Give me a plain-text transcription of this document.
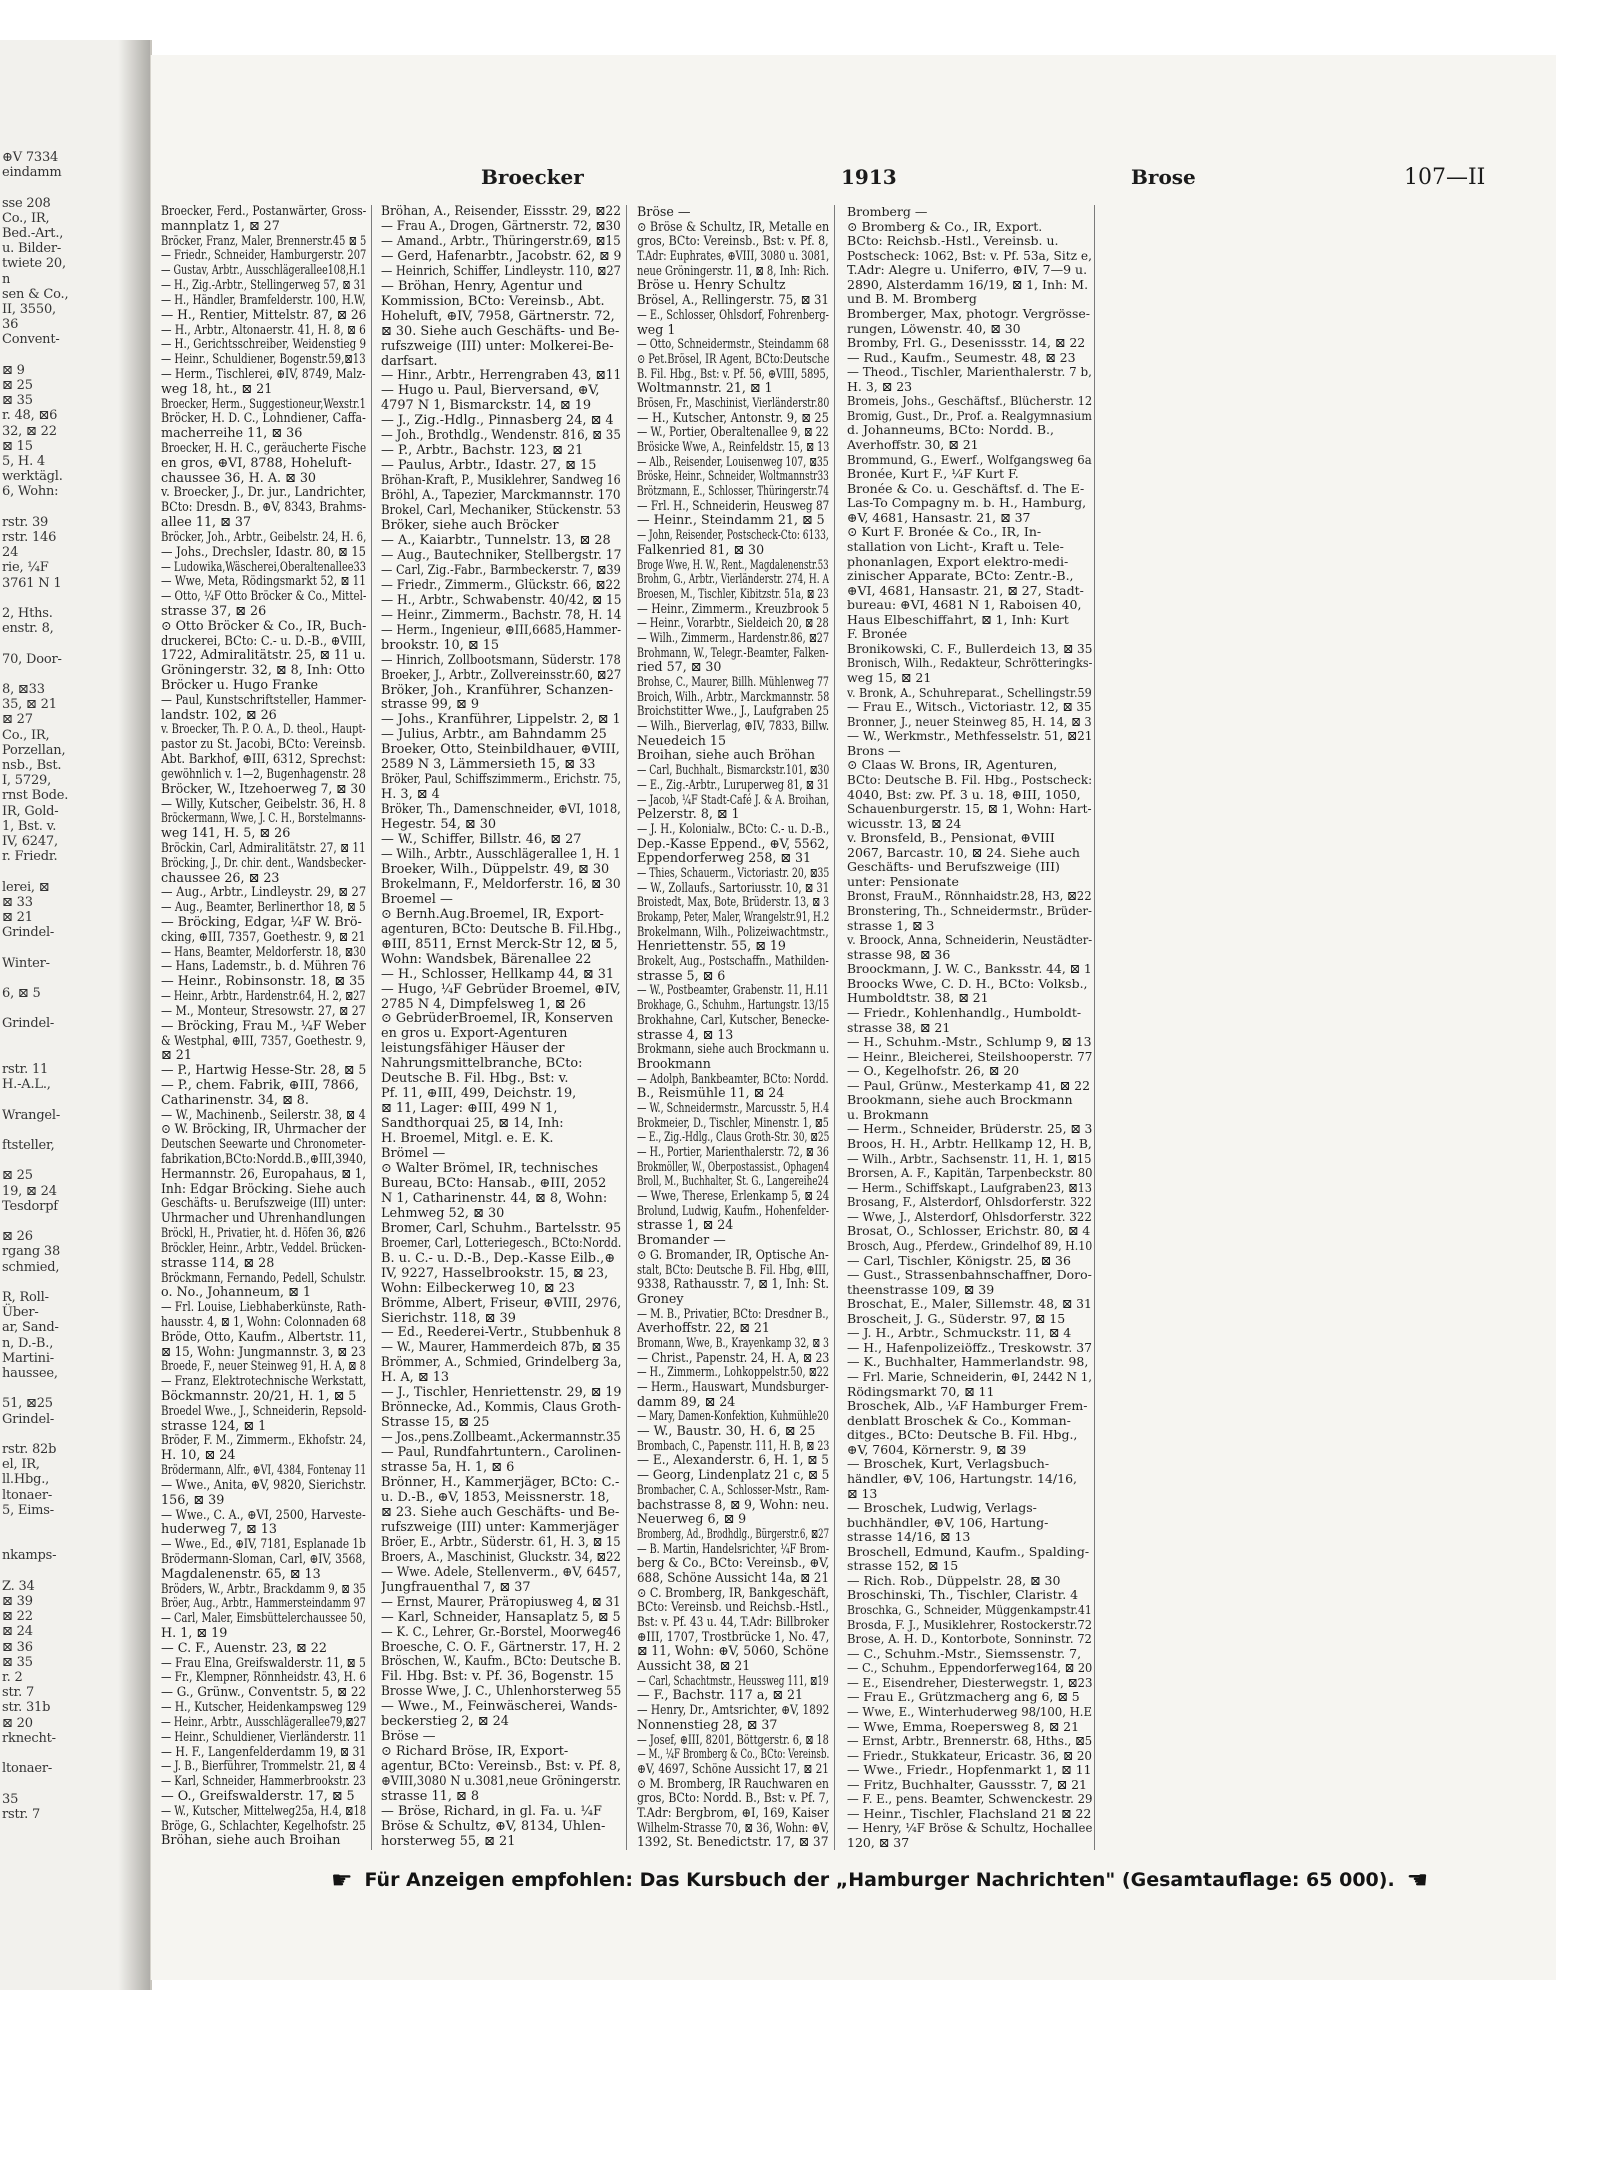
⊕V 7334
eindamm
sse 208
Co., IR,
Bed.-Art.,
u. Bilder-
twiete 20,
n
sen & Co.,
II, 3550,
36
Convent-
⊠ 9
⊠ 25
⊠ 35
r. 48, ⊠6
32, ⊠ 22
⊠ 15
5, H. 4
werktägl.
6, Wohn:
rstr. 39
rstr. 146
24
rie, ¼F
3761 N 1
2, Hths.
enstr. 8,
70, Door-
8, ⊠33
35, ⊠ 21
⊠ 27
Co., IR,
Porzellan,
nsb., Bst.
I, 5729,
rnst Bode.
IR, Gold-
1, Bst. v.
IV, 6247,
r. Friedr.
lerei, ⊠
⊠ 33
⊠ 21
Grindel-
Winter-
6, ⊠ 5
Grindel-
rstr. 11
H.-A.L.,
Wrangel-
ftsteller,
⊠ 25
19, ⊠ 24
Tesdorpf
⊠ 26
rgang 38
schmied,
R, Roll-
Über-
ar, Sand-
n, D.-B.,
Martini-
haussee,
51, ⊠25
Grindel-
rstr. 82b
el, IR,
ll.Hbg.,
ltonaer-
5, Eims-
nkamps-
Z. 34
⊠ 39
⊠ 22
⊠ 24
⊠ 36
⊠ 35
r. 2
str. 7
str. 31b
⊠ 20
rknecht-
ltonaer-
35
rstr. 7
Broecker	1913	Brose	107—II
Broecker, Ferd., Postanwärter, Gross-
mannplatz 1, ⊠ 27
Bröcker, Franz, Maler, Brennerstr.45 ⊠ 5
— Friedr., Schneider, Hamburgerstr. 207
— Gustav, Arbtr., Ausschlägerallee108,H.1
— H., Zig.-Arbtr., Stellingerweg 57, ⊠ 31
— H., Händler, Bramfelderstr. 100, H.W,
— H., Rentier, Mittelstr. 87, ⊠ 26
— H., Arbtr., Altonaerstr. 41, H. 8, ⊠ 6
— H., Gerichtsschreiber, Weidenstieg 9
— Heinr., Schuldiener, Bogenstr.59,⊠13
— Herm., Tischlerei, ⊕IV, 8749, Malz-
weg 18, ht., ⊠ 21
Broecker, Herm., Suggestioneur,Wexstr.1
Bröcker, H. D. C., Lohndiener, Caffa-
macherreihe 11, ⊠ 36
Broecker, H. H. C., geräucherte Fische
en gros, ⊕VI, 8788, Hoheluft-
chaussee 36, H. A. ⊠ 30
v. Broecker, J., Dr. jur., Landrichter,
BCto: Dresdn. B., ⊕V, 8343, Brahms-
allee 11, ⊠ 37
Bröcker, Joh., Arbtr., Geibelstr. 24, H. 6,
— Johs., Drechsler, Idastr. 80, ⊠ 15
— Ludowika,Wäscherei,Oberaltenallee33
— Wwe, Meta, Rödingsmarkt 52, ⊠ 11
— Otto, ¼F Otto Bröcker & Co., Mittel-
strasse 37, ⊠ 26
⊙ Otto Bröcker & Co., IR, Buch-
druckerei, BCto: C.- u. D.-B., ⊕VIII,
1722, Admiralitätstr. 25, ⊠ 11 u.
Gröningerstr. 32, ⊠ 8, Inh: Otto
Bröcker u. Hugo Franke
— Paul, Kunstschriftsteller, Hammer-
landstr. 102, ⊠ 26
v. Broecker, Th. P. O. A., D. theol., Haupt-
pastor zu St. Jacobi, BCto: Vereinsb.
Abt. Barkhof, ⊕III, 6312, Sprechst:
gewöhnlich v. 1—2, Bugenhagenstr. 28
Bröcker, W., Itzehoerweg 7, ⊠ 30
— Willy, Kutscher, Geibelstr. 36, H. 8
Bröckermann, Wwe, J. C. H., Borstelmanns-
weg 141, H. 5, ⊠ 26
Bröckin, Carl, Admiralitätstr. 27, ⊠ 11
Bröcking, J., Dr. chir. dent., Wandsbecker-
chaussee 26, ⊠ 23
— Aug., Arbtr., Lindleystr. 29, ⊠ 27
— Aug., Beamter, Berlinerthor 18, ⊠ 5
— Bröcking, Edgar, ¼F W. Brö-
cking, ⊕III, 7357, Goethestr. 9, ⊠ 21
— Hans, Beamter, Meldorferstr. 18, ⊠30
— Hans, Lademstr., b. d. Mühren 76
— Heinr., Robinsonstr. 18, ⊠ 35
— Heinr., Arbtr., Hardenstr.64, H. 2, ⊠27
— M., Monteur, Stresowstr. 27, ⊠ 27
— Bröcking, Frau M., ¼F Weber
& Westphal, ⊕III, 7357, Goethestr. 9,
⊠ 21
— P., Hartwig Hesse-Str. 28, ⊠ 5
— P., chem. Fabrik, ⊕III, 7866,
Catharinenstr. 34, ⊠ 8.
— W., Machinenb., Seilerstr. 38, ⊠ 4
⊙ W. Bröcking, IR, Uhrmacher der
Deutschen Seewarte und Chronometer-
fabrikation,BCto:Nordd.B.,⊕III,3940,
Hermannstr. 26, Europahaus, ⊠ 1,
Inh: Edgar Bröcking. Siehe auch
Geschäfts- u. Berufszweige (III) unter:
Uhrmacher und Uhrenhandlungen
Bröckl, H., Privatier, ht. d. Höfen 36, ⊠26
Bröckler, Heinr., Arbtr., Veddel. Brücken-
strasse 114, ⊠ 28
Bröckmann, Fernando, Pedell, Schulstr.
o. No., Johanneum, ⊠ 1
— Frl. Louise, Liebhaberkünste, Rath-
hausstr. 4, ⊠ 1, Wohn: Colonnaden 68
Bröde, Otto, Kaufm., Albertstr. 11,
⊠ 15, Wohn: Jungmannstr. 3, ⊠ 23
Broede, F., neuer Steinweg 91, H. A, ⊠ 8
— Franz, Elektrotechnische Werkstatt,
Böckmannstr. 20/21, H. 1, ⊠ 5
Broedel Wwe., J., Schneiderin, Repsold-
strasse 124, ⊠ 1
Bröder, F. M., Zimmerm., Ekhofstr. 24,
H. 10, ⊠ 24
Brödermann, Alfr., ⊕VI, 4384, Fontenay 11
— Wwe., Anita, ⊕V, 9820, Sierichstr.
156, ⊠ 39
— Wwe., C. A., ⊕VI, 2500, Harveste-
huderweg 7, ⊠ 13
— Wwe., Ed., ⊕IV, 7181, Esplanade 1b
Brödermann-Sloman, Carl, ⊕IV, 3568,
Magdalenenstr. 65, ⊠ 13
Bröders, W., Arbtr., Brackdamm 9, ⊠ 35
Bröer, Aug., Arbtr., Hammersteindamm 97
— Carl, Maler, Eimsbüttelerchaussee 50,
H. 1, ⊠ 19
— C. F., Auenstr. 23, ⊠ 22
— Frau Elna, Greifswalderstr. 11, ⊠ 5
— Fr., Klempner, Rönnheidstr. 43, H. 6
— G., Grünw., Conventstr. 5, ⊠ 22
— H., Kutscher, Heidenkampsweg 129
— Heinr., Arbtr., Ausschlägerallee79,⊠27
— Heinr., Schuldiener, Vierländerstr. 11
— H. F., Langenfelderdamm 19, ⊠ 31
— J. B., Bierführer, Trommelstr. 21, ⊠ 4
— Karl, Schneider, Hammerbrookstr. 23
— O., Greifswalderstr. 17, ⊠ 5
— W., Kutscher, Mittelweg25a, H.4, ⊠18
Bröge, G., Schlachter, Kegelhofstr. 25
Bröhan, siehe auch Broihan
Bröhan, A., Reisender, Eissstr. 29, ⊠22
— Frau A., Drogen, Gärtnerstr. 72, ⊠30
— Amand., Arbtr., Thüringerstr.69, ⊠15
— Gerd, Hafenarbtr., Jacobstr. 62, ⊠ 9
— Heinrich, Schiffer, Lindleystr. 110, ⊠27
— Bröhan, Henry, Agentur und
Kommission, BCto: Vereinsb., Abt.
Hoheluft, ⊕IV, 7958, Gärtnerstr. 72,
⊠ 30. Siehe auch Geschäfts- und Be-
rufszweige (III) unter: Molkerei-Be-
darfsart.
— Hinr., Arbtr., Herrengraben 43, ⊠11
— Hugo u. Paul, Bierversand, ⊕V,
4797 N 1, Bismarckstr. 14, ⊠ 19
— J., Zig.-Hdlg., Pinnasberg 24, ⊠ 4
— Joh., Brothdlg., Wendenstr. 816, ⊠ 35
— P., Arbtr., Bachstr. 123, ⊠ 21
— Paulus, Arbtr., Idastr. 27, ⊠ 15
Bröhan-Kraft, P., Musiklehrer, Sandweg 16
Bröhl, A., Tapezier, Marckmannstr. 170
Brokel, Carl, Mechaniker, Stückenstr. 53
Bröker, siehe auch Bröcker
— A., Kaiarbtr., Tunnelstr. 13, ⊠ 28
— Aug., Bautechniker, Stellbergstr. 17
— Carl, Zig.-Fabr., Barmbeckerstr. 7, ⊠39
— Friedr., Zimmerm., Glückstr. 66, ⊠22
— H., Arbtr., Schwabenstr. 40/42, ⊠ 15
— Heinr., Zimmerm., Bachstr. 78, H. 14
— Herm., Ingenieur, ⊕III,6685,Hammer-
brookstr. 10, ⊠ 15
— Hinrich, Zollbootsmann, Süderstr. 178
Broeker, J., Arbtr., Zollvereinsstr.60, ⊠27
Bröker, Joh., Kranführer, Schanzen-
strasse 99, ⊠ 9
— Johs., Kranführer, Lippelstr. 2, ⊠ 1
— Julius, Arbtr., am Bahndamm 25
Broeker, Otto, Steinbildhauer, ⊕VIII,
2589 N 3, Lämmersieth 15, ⊠ 33
Bröker, Paul, Schiffszimmerm., Erichstr. 75,
H. 3, ⊠ 4
Bröker, Th., Damenschneider, ⊕VI, 1018,
Hegestr. 54, ⊠ 30
— W., Schiffer, Billstr. 46, ⊠ 27
— Wilh., Arbtr., Ausschlägerallee 1, H. 1
Broeker, Wilh., Düppelstr. 49, ⊠ 30
Brokelmann, F., Meldorferstr. 16, ⊠ 30
Broemel —
⊙ Bernh.Aug.Broemel, IR, Export-
agenturen, BCto: Deutsche B. Fil.Hbg.,
⊕III, 8511, Ernst Merck-Str 12, ⊠ 5,
Wohn: Wandsbek, Bärenallee 22
— H., Schlosser, Hellkamp 44, ⊠ 31
— Hugo, ¼F Gebrüder Broemel, ⊕IV,
2785 N 4, Dimpfelsweg 1, ⊠ 26
⊙ GebrüderBroemel, IR, Konserven
en gros u. Export-Agenturen
leistungsfähiger Häuser der
Nahrungsmittelbranche, BCto:
Deutsche B. Fil. Hbg., Bst: v.
Pf. 11, ⊕III, 499, Deichstr. 19,
⊠ 11, Lager: ⊕III, 499 N 1,
Sandthorquai 25, ⊠ 14, Inh:
H. Broemel, Mitgl. e. E. K.
Brömel —
⊙ Walter Brömel, IR, technisches
Bureau, BCto: Hansab., ⊕III, 2052
N 1, Catharinenstr. 44, ⊠ 8, Wohn:
Lehmweg 52, ⊠ 30
Bromer, Carl, Schuhm., Bartelsstr. 95
Broemer, Carl, Lotteriegesch., BCto:Nordd.
B. u. C.- u. D.-B., Dep.-Kasse Eilb.,⊕
IV, 9227, Hasselbrookstr. 15, ⊠ 23,
Wohn: Eilbeckerweg 10, ⊠ 23
Brömme, Albert, Friseur, ⊕VIII, 2976,
Sierichstr. 118, ⊠ 39
— Ed., Reederei-Vertr., Stubbenhuk 8
— W., Maurer, Hammerdeich 87b, ⊠ 35
Brömmer, A., Schmied, Grindelberg 3a,
H. A, ⊠ 13
— J., Tischler, Henriettenstr. 29, ⊠ 19
Brönnecke, Ad., Kommis, Claus Groth-
Strasse 15, ⊠ 25
— Jos.,pens.Zollbeamt.,Ackermannstr.35
— Paul, Rundfahrtuntern., Carolinen-
strasse 5a, H. 1, ⊠ 6
Brönner, H., Kammerjäger, BCto: C.-
u. D.-B., ⊕V, 1853, Meissnerstr. 18,
⊠ 23. Siehe auch Geschäfts- und Be-
rufszweige (III) unter: Kammerjäger
Bröer, E., Arbtr., Süderstr. 61, H. 3, ⊠ 15
Broers, A., Maschinist, Gluckstr. 34, ⊠22
— Wwe. Adele, Stellenverm., ⊕V, 6457,
Jungfrauenthal 7, ⊠ 37
— Ernst, Maurer, Präторiusweg 4, ⊠ 31
— Karl, Schneider, Hansaplatz 5, ⊠ 5
— K. C., Lehrer, Gr.-Borstel, Moorweg46
Broesche, C. O. F., Gärtnerstr. 17, H. 2
Bröschen, W., Kaufm., BCto: Deutsche B.
Fil. Hbg. Bst: v. Pf. 36, Bogenstr. 15
Brosse Wwe, J. C., Uhlenhorsterweg 55
— Wwe., M., Feinwäscherei, Wands-
beckerstieg 2, ⊠ 24
Bröse —
⊙ Richard Bröse, IR, Export-
agentur, BCto: Vereinsb., Bst: v. Pf. 8,
⊕VIII,3080 N u.3081,neue Gröningerstr.
strasse 11, ⊠ 8
— Bröse, Richard, in gl. Fa. u. ¼F
Bröse & Schultz, ⊕V, 8134, Uhlen-
horsterweg 55, ⊠ 21
Bröse —
⊙ Bröse & Schultz, IR, Metalle en
gros, BCto: Vereinsb., Bst: v. Pf. 8,
T.Adr: Euphrates, ⊕VIII, 3080 u. 3081,
neue Gröningerstr. 11, ⊠ 8, Inh: Rich.
Bröse u. Henry Schultz
Brösel, A., Rellingerstr. 75, ⊠ 31
— E., Schlosser, Ohlsdorf, Fohrenberg-
weg 1
— Otto, Schneidermstr., Steindamm 68
⊙ Pet.Brösel, IR Agent, BCto:Deutsche
B. Fil. Hbg., Bst: v. Pf. 56, ⊕VIII, 5895,
Woltmannstr. 21, ⊠ 1
Brösen, Fr., Maschinist, Vierländerstr.80
— H., Kutscher, Antonstr. 9, ⊠ 25
— W., Portier, Oberaltenallee 9, ⊠ 22
Brösicke Wwe, A., Reinfeldstr. 15, ⊠ 13
— Alb., Reisender, Louisenweg 107, ⊠35
Bröske, Heinr., Schneider, Woltmannstr33
Brötzmann, E., Schlosser, Thüringerstr.74
— Frl. H., Schneiderin, Heusweg 87
— Heinr., Steindamm 21, ⊠ 5
— John, Reisender, Postscheck-Cto: 6133,
Falkenried 81, ⊠ 30
Broge Wwe, H. W., Rent., Magdalenenstr.53
Brohm, G., Arbtr., Vierländerstr. 274, H. A
Broesen, M., Tischler, Kibitzstr. 51a, ⊠ 23
— Heinr., Zimmerm., Kreuzbrook 5
— Heinr., Vorarbtr., Sieldeich 20, ⊠ 28
— Wilh., Zimmerm., Hardenstr.86, ⊠27
Brohmann, W., Telegr.-Beamter, Falken-
ried 57, ⊠ 30
Brohse, C., Maurer, Billh. Mühlenweg 77
Broich, Wilh., Arbtr., Marckmannstr. 58
Broichstitter Wwe., J., Laufgraben 25
— Wilh., Bierverlag, ⊕IV, 7833, Billw.
Neuedeich 15
Broihan, siehe auch Bröhan
— Carl, Buchhalt., Bismarckstr.101, ⊠30
— E., Zig.-Arbtr., Luruperweg 81, ⊠ 31
— Jacob, ¼F Stadt-Café J. & A. Broihan,
Pelzerstr. 8, ⊠ 1
— J. H., Kolonialw., BCto: C.- u. D.-B.,
Dep.-Kasse Eppend., ⊕V, 5562,
Eppendorferweg 258, ⊠ 31
— Thies, Schauerm., Victoriastr. 20, ⊠35
— W., Zollaufs., Sartoriusstr. 10, ⊠ 31
Broistedt, Max, Bote, Brüderstr. 13, ⊠ 3
Brokamp, Peter, Maler, Wrangelstr.91, H.2
Brokelmann, Wilh., Polizeiwachtmstr.,
Henriettenstr. 55, ⊠ 19
Brokelt, Aug., Postschaffn., Mathilden-
strasse 5, ⊠ 6
— W., Postbeamter, Grabenstr. 11, H.11
Brokhage, G., Schuhm., Hartungstr. 13/15
Brokhahne, Carl, Kutscher, Benecke-
strasse 4, ⊠ 13
Brokmann, siehe auch Brockmann u.
Brookmann
— Adolph, Bankbeamter, BCto: Nordd.
B., Reismühle 11, ⊠ 24
— W., Schneidermstr., Marcusstr. 5, H.4
Brokmeier, D., Tischler, Minenstr. 1, ⊠5
— E., Zig.-Hdlg., Claus Groth-Str. 30, ⊠25
— H., Portier, Marienthalerstr. 72, ⊠ 36
Brokmöller, W., Oberpostassist., Ophagen4
Broll, M., Buchhalter, St. G., Langereihe24
— Wwe, Therese, Erlenkamp 5, ⊠ 24
Brolund, Ludwig, Kaufm., Hohenfelder-
strasse 1, ⊠ 24
Bromander —
⊙ G. Bromander, IR, Optische An-
stalt, BCto: Deutsche B. Fil. Hbg, ⊕III,
9338, Rathausstr. 7, ⊠ 1, Inh: St.
Groney
— M. B., Privatier, BCto: Dresdner B.,
Averhoffstr. 22, ⊠ 21
Bromann, Wwe, B., Krayenkamp 32, ⊠ 3
— Christ., Papenstr. 24, H. A, ⊠ 23
— H., Zimmerm., Lohkoppelstr.50, ⊠22
— Herm., Hauswart, Mundsburger-
damm 89, ⊠ 24
— Mary, Damen-Konfektion, Kuhmühle20
— W., Baustr. 30, H. 6, ⊠ 25
Brombach, C., Papenstr. 111, H. B, ⊠ 23
— E., Alexanderstr. 6, H. 1, ⊠ 5
— Georg, Lindenplatz 21 c, ⊠ 5
Brombacher, C. A., Schlosser-Mstr., Ram-
bachstrasse 8, ⊠ 9, Wohn: neu.
Neuerweg 6, ⊠ 9
Bromberg, Ad., Brodhdlg., Bürgerstr.6, ⊠27
— B. Martin, Handelsrichter, ¼F Brom-
berg & Co., BCto: Vereinsb., ⊕V,
688, Schöne Aussicht 14a, ⊠ 21
⊙ C. Bromberg, IR, Bankgeschäft,
BCto: Vereinsb. und Reichsb.-Hstl.,
Bst: v. Pf. 43 u. 44, T.Adr: Billbroker
⊕III, 1707, Trostbrücke 1, No. 47,
⊠ 11, Wohn: ⊕V, 5060, Schöne
Aussicht 38, ⊠ 21
— Carl, Schachtmstr., Heussweg 111, ⊠19
— F., Bachstr. 117 a, ⊠ 21
— Henry, Dr., Amtsrichter, ⊕V, 1892
Nonnenstieg 28, ⊠ 37
— Josef, ⊕III, 8201, Böttgerstr. 6, ⊠ 18
— M., ¼F Bromberg & Co., BCto: Vereinsb.
⊕V, 4697, Schöne Aussicht 17, ⊠ 21
⊙ M. Bromberg, IR Rauchwaren en
gros, BCto: Nordd. B., Bst: v. Pf. 7,
T.Adr: Bergbrom, ⊕I, 169, Kaiser
Wilhelm-Strasse 70, ⊠ 36, Wohn: ⊕V,
1392, St. Benedictstr. 17, ⊠ 37
Bromberg —
⊙ Bromberg & Co., IR, Export.
BCto: Reichsb.-Hstl., Vereinsb. u.
Postscheck: 1062, Bst: v. Pf. 53a, Sitz e,
T.Adr: Alegre u. Uniferro, ⊕IV, 7—9 u.
2890, Alsterdamm 16/19, ⊠ 1, Inh: M.
und B. M. Bromberg
Bromberger, Max, photogr. Vergrösse-
rungen, Löwenstr. 40, ⊠ 30
Bromby, Frl. G., Desenissstr. 14, ⊠ 22
— Rud., Kaufm., Seumestr. 48, ⊠ 23
— Theod., Tischler, Marienthalerstr. 7 b,
H. 3, ⊠ 23
Bromeis, Johs., Geschäftsf., Blücherstr. 12
Bromig, Gust., Dr., Prof. a. Realgymnasium
d. Johanneums, BCto: Nordd. B.,
Averhoffstr. 30, ⊠ 21
Brommund, G., Ewerf., Wolfgangsweg 6a
Bronée, Kurt F., ¼F Kurt F.
Bronée & Co. u. Geschäftsf. d. The E-
Las-To Compagny m. b. H., Hamburg,
⊕V, 4681, Hansastr. 21, ⊠ 37
⊙ Kurt F. Bronée & Co., IR, In-
stallation von Licht-, Kraft u. Tele-
phonanlagen, Export elektro-medi-
zinischer Apparate, BCto: Zentr.-B.,
⊕VI, 4681, Hansastr. 21, ⊠ 27, Stadt-
bureau: ⊕VI, 4681 N 1, Raboisen 40,
Haus Elbeschiffahrt, ⊠ 1, Inh: Kurt
F. Bronée
Bronikowski, C. F., Bullerdeich 13, ⊠ 35
Bronisch, Wilh., Redakteur, Schrötteringks-
weg 15, ⊠ 21
v. Bronk, A., Schuhreparat., Schellingstr.59
— Frau E., Witsch., Victoriastr. 12, ⊠ 35
Bronner, J., neuer Steinweg 85, H. 14, ⊠ 3
— W., Werkmstr., Methfesselstr. 51, ⊠21
Brons —
⊙ Claas W. Brons, IR, Agenturen,
BCto: Deutsche B. Fil. Hbg., Postscheck:
4040, Bst: zw. Pf. 3 u. 18, ⊕III, 1050,
Schauenburgerstr. 15, ⊠ 1, Wohn: Hart-
wicusstr. 13, ⊠ 24
v. Bronsfeld, B., Pensionat, ⊕VIII
2067, Barcastr. 10, ⊠ 24. Siehe auch
Geschäfts- und Berufszweige (III)
unter: Pensionate
Bronst, FrauM., Rönnhaidstr.28, H3, ⊠22
Bronstering, Th., Schneidermstr., Brüder-
strasse 1, ⊠ 3
v. Broock, Anna, Schneiderin, Neustädter-
strasse 98, ⊠ 36
Broockmann, J. W. C., Banksstr. 44, ⊠ 1
Broocks Wwe, C. D. H., BCto: Volksb.,
Humboldtstr. 38, ⊠ 21
— Friedr., Kohlenhandlg., Humboldt-
strasse 38, ⊠ 21
— H., Schuhm.-Mstr., Schlump 9, ⊠ 13
— Heinr., Bleicherei, Steilshooperstr. 77
— O., Kegelhofstr. 26, ⊠ 20
— Paul, Grünw., Mesterkamp 41, ⊠ 22
Brookmann, siehe auch Brockmann
u. Brokmann
— Herm., Schneider, Brüderstr. 25, ⊠ 3
Broos, H. H., Arbtr. Hellkamp 12, H. B,
— Wilh., Arbtr., Sachsenstr. 11, H. 1, ⊠15
Brorsen, A. F., Kapitän, Tarpenbeckstr. 80
— Herm., Schiffskapt., Laufgraben23, ⊠13
Brosang, F., Alsterdorf, Ohlsdorferstr. 322
— Wwe, J., Alsterdorf, Ohlsdorferstr. 322
Brosat, O., Schlosser, Erichstr. 80, ⊠ 4
Brosch, Aug., Pferdew., Grindelhof 89, H.10
— Carl, Tischler, Königstr. 25, ⊠ 36
— Gust., Strassenbahnschaffner, Doro-
theenstrasse 109, ⊠ 39
Broschat, E., Maler, Sillemstr. 48, ⊠ 31
Broscheit, J. G., Süderstr. 97, ⊠ 15
— J. H., Arbtr., Schmuckstr. 11, ⊠ 4
— H., Hafenpolizeiöffz., Treskowstr. 37
— K., Buchhalter, Hammerlandstr. 98,
— Frl. Marie, Schneiderin, ⊕I, 2442 N 1,
Rödingsmarkt 70, ⊠ 11
Broschek, Alb., ¼F Hamburger Frem-
denblatt Broschek & Co., Komman-
ditges., BCto: Deutsche B. Fil. Hbg.,
⊕V, 7604, Körnerstr. 9, ⊠ 39
— Broschek, Kurt, Verlagsbuch-
händler, ⊕V, 106, Hartungstr. 14/16,
⊠ 13
— Broschek, Ludwig, Verlags-
buchhändler, ⊕V, 106, Hartung-
strasse 14/16, ⊠ 13
Broschell, Edmund, Kaufm., Spalding-
strasse 152, ⊠ 15
— Rich. Rob., Düppelstr. 28, ⊠ 30
Broschinski, Th., Tischler, Claristr. 4
Broschka, G., Schneider, Müggenkampstr.41
Brosda, F. J., Musiklehrer, Rostockerstr.72
Brose, A. H. D., Kontorbote, Sonninstr. 72
— C., Schuhm.-Mstr., Siemssenstr. 7,
— C., Schuhm., Eppendorferweg164, ⊠ 20
— E., Eisendreher, Diesterwegstr. 1, ⊠23
— Frau E., Grützmacherg ang 6, ⊠ 5
— Wwe, E., Winterhuderweg 98/100, H.E
— Wwe, Emma, Roepersweg 8, ⊠ 21
— Ernst, Arbtr., Brennerstr. 68, Hths., ⊠5
— Friedr., Stukkateur, Ericastr. 36, ⊠ 20
— Wwe., Friedr., Hopfenmarkt 1, ⊠ 11
— Fritz, Buchhalter, Gaussstr. 7, ⊠ 21
— F. E., pens. Beamter, Schwenckestr. 29
— Heinr., Tischler, Flachsland 21 ⊠ 22
— Henry, ¼F Bröse & Schultz, Hochallee
120, ⊠ 37
☛ Für Anzeigen empfohlen: Das Kursbuch der „Hamburger Nachrichten" (Gesamtauflage: 65 000). ☚
